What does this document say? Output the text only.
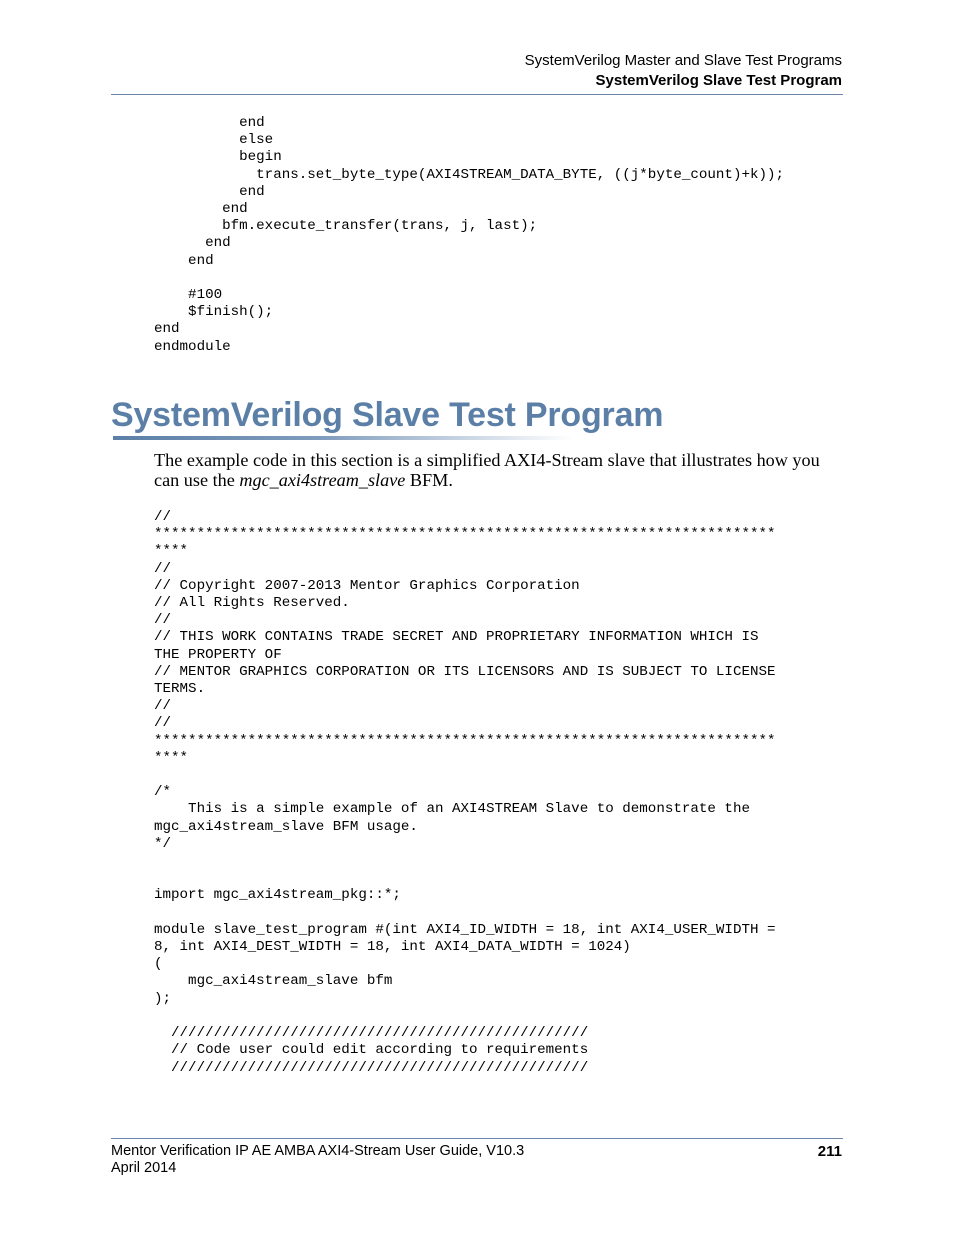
SystemVerilog Master and Slave Test Programs
SystemVerilog Slave Test Program
end
else
begin
trans.set_byte_type(AXI4STREAM_DATA_BYTE, ((j*byte_count)+k));
end
end
bfm.execute_transfer(trans, j, last);
end
end

#100
$finish();
end
endmodule
SystemVerilog Slave Test Program

The example code in this section is a simplified AXI4-Stream slave that illustrates how you can use the mgc_axi4stream_slave BFM.

//
*************************************************************************
****
//
// Copyright 2007-2013 Mentor Graphics Corporation
// All Rights Reserved.
//
// THIS WORK CONTAINS TRADE SECRET AND PROPRIETARY INFORMATION WHICH IS
THE PROPERTY OF
// MENTOR GRAPHICS CORPORATION OR ITS LICENSORS AND IS SUBJECT TO LICENSE
TERMS.
//
//
*************************************************************************
****

/*
This is a simple example of an AXI4STREAM Slave to demonstrate the
mgc_axi4stream_slave BFM usage.
*/

import mgc_axi4stream_pkg::*;

module slave_test_program #(int AXI4_ID_WIDTH = 18, int AXI4_USER_WIDTH =
8, int AXI4_DEST_WIDTH = 18, int AXI4_DATA_WIDTH = 1024)
(
mgc_axi4stream_slave bfm
);

/////////////////////////////////////////////////
// Code user could edit according to requirements
/////////////////////////////////////////////////
Mentor Verification IP AE AMBA AXI4-Stream User Guide, V10.3
April 2014
211
